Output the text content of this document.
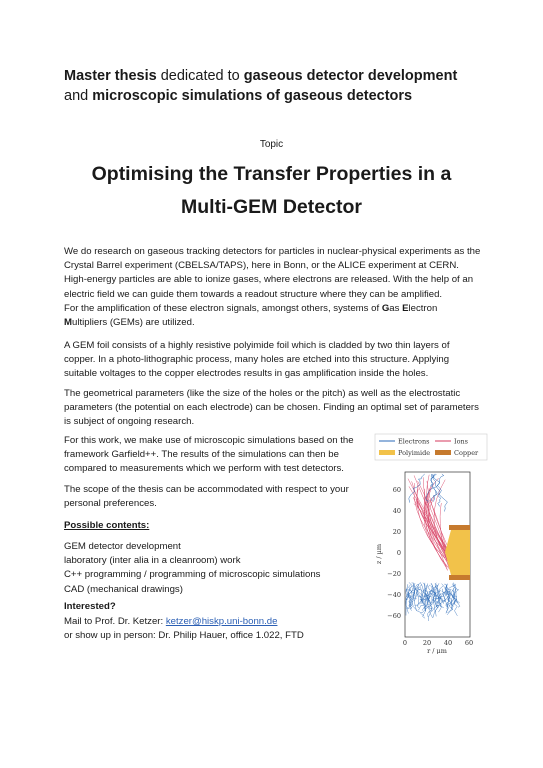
Master thesis dedicated to gaseous detector development
and microscopic simulations of gaseous detectors
Topic
Optimising the Transfer Properties in a
Multi-GEM Detector
We do research on gaseous tracking detectors for particles in nuclear-physical experiments as the Crystal Barrel experiment (CBELSA/TAPS), here in Bonn, or the ALICE experiment at CERN. High-energy particles are able to ionize gases, where electrons are released. With the help of an electric field we can guide them towards a readout structure where they can be amplified.
For the amplification of these electron signals, amongst others, systems of Gas Electron
Multipliers (GEMs) are utilized.
A GEM foil consists of a highly resistive polyimide foil which is cladded by two thin layers of copper. In a photo-lithographic process, many holes are etched into this structure. Applying suitable voltages to the copper electrodes results in gas amplification inside the holes.
The geometrical parameters (like the size of the holes or the pitch) as well as the electrostatic parameters (the potential on each electrode) can be chosen. Finding an optimal set of parameters is subject of ongoing research.
For this work, we make use of microscopic simulations based on the framework Garfield++. The results of the simulations can then be compared to measurements which we perform with test detectors.
The scope of the thesis can be accommodated with respect to your personal preferences.
Possible contents:
GEM detector development
laboratory (inter alia in a cleanroom) work
C++ programming / programming of microscopic simulations
CAD (mechanical drawings)
Interested?
Mail to Prof. Dr. Ketzer: ketzer@hiskp.uni-bonn.de
or show up in person: Dr. Philip Hauer, office 1.022, FTD
Electrons	Ions
Polyimide	Copper
60
40
20
0
−20
−40
−60
0 20 40 60
r / µm
z / µm
